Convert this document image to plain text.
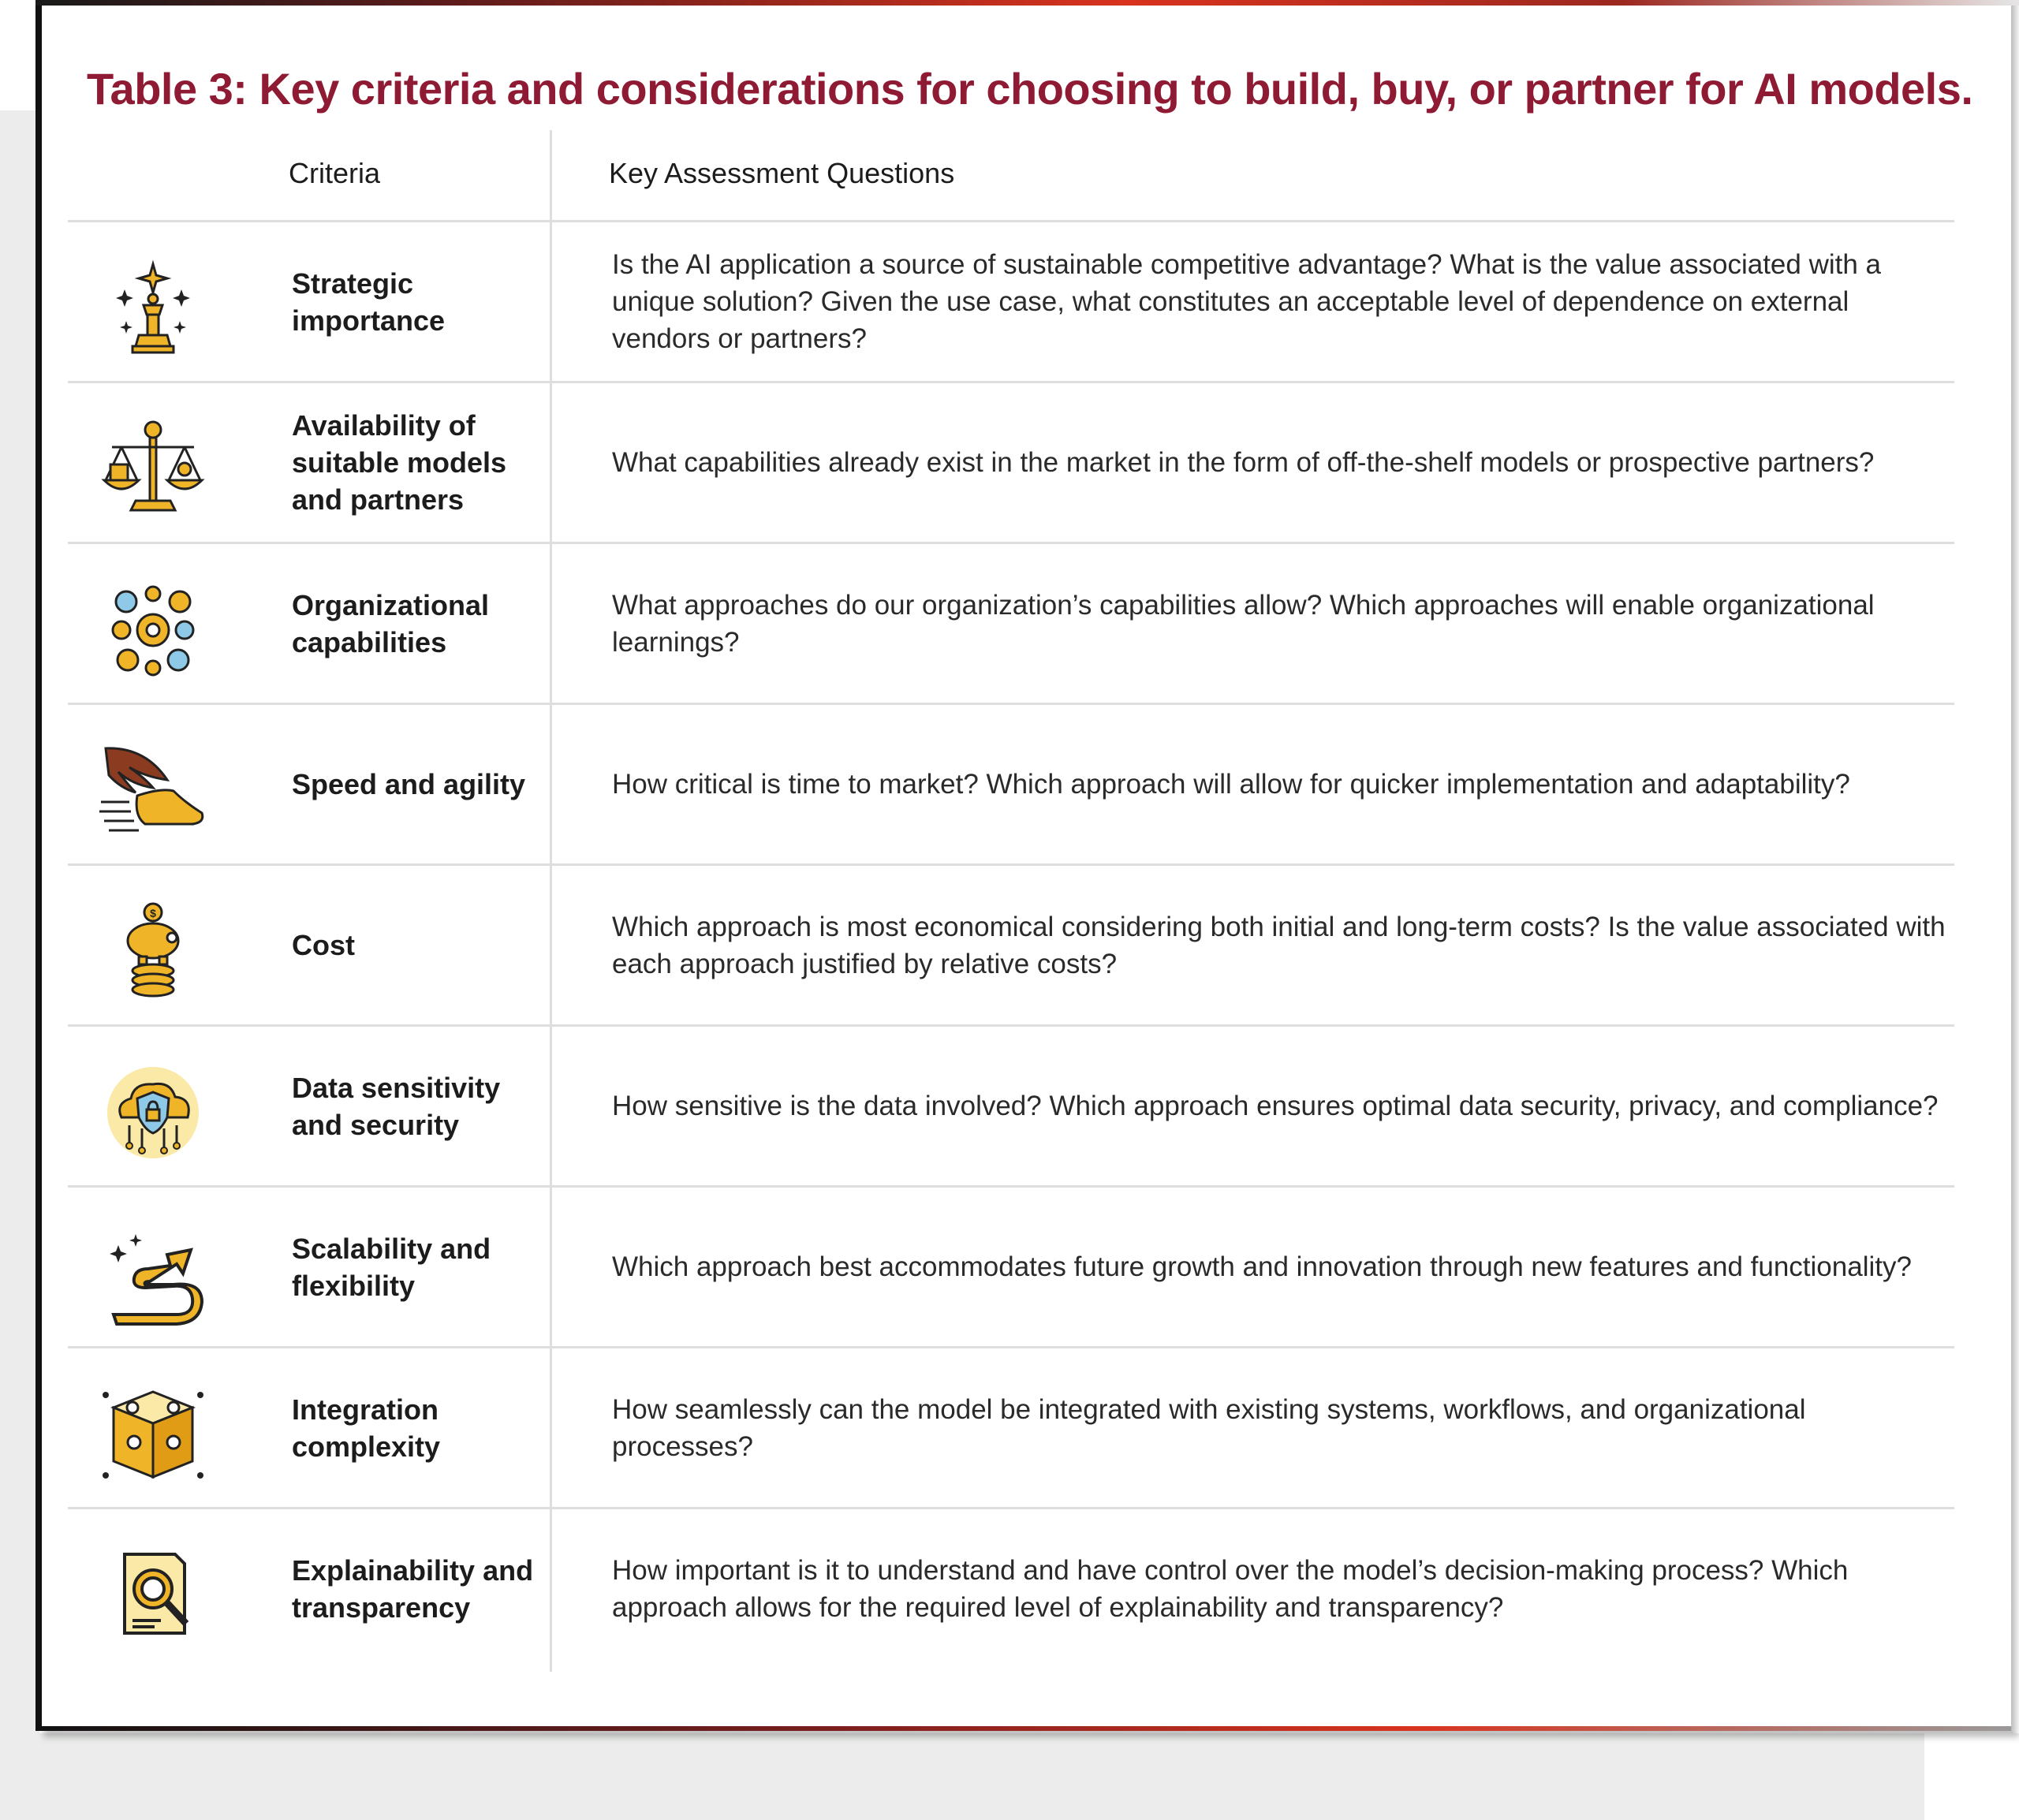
Table 3: Key criteria and considerations for choosing to build, buy, or partner for AI models.
Criteria	Key Assessment Questions
Strategic importance
Is the AI application a source of sustainable competitive advantage? What is the value associated with a unique solution? Given the use case, what constitutes an acceptable level of dependence on external vendors or partners?
Availability of suitable models and partners
What capabilities already exist in the market in the form of off-the-shelf models or prospective partners?
Organizational capabilities
What approaches do our organization’s capabilities allow? Which approaches will enable organizational learnings?
Speed and agility	How critical is time to market? Which approach will allow for quicker implementation and adaptability?
$
Cost
Which approach is most economical considering both initial and long-term costs? Is the value associated with each approach justified by relative costs?
Data sensitivity and security
How sensitive is the data involved? Which approach ensures optimal data security, privacy, and compliance?
Scalability and flexibility
Which approach best accommodates future growth and innovation through new features and functionality?
Integration complexity
How seamlessly can the model be integrated with existing systems, workflows, and organizational processes?
Explainability and transparency
How important is it to understand and have control over the model’s decision-making process? Which approach allows for the required level of explainability and transparency?
